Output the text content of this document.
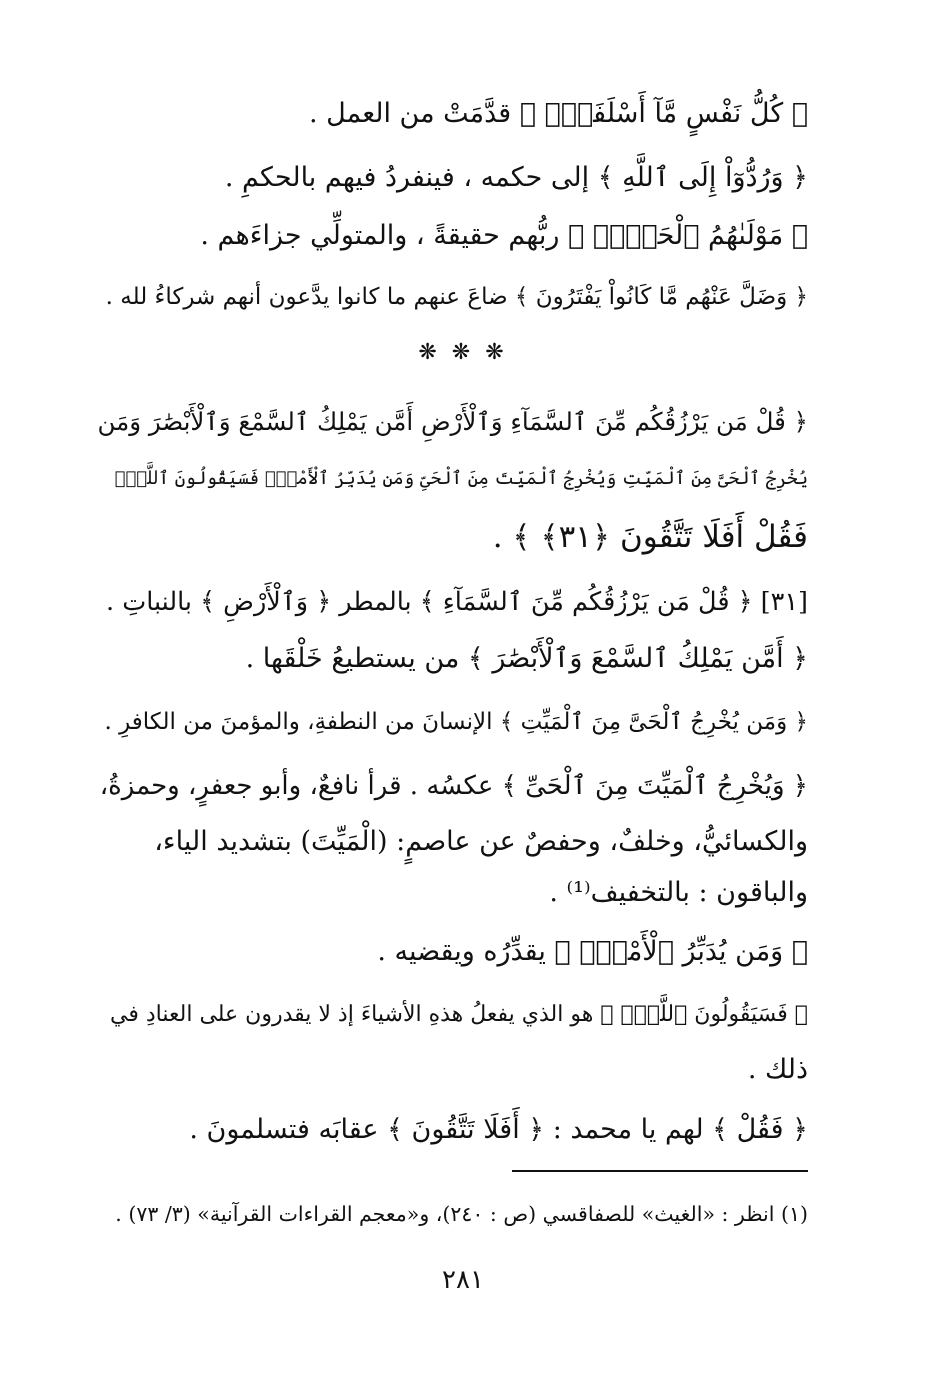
﴿ كُلُّ نَفْسٍ مَّآ أَسْلَفَتْۚ ﴾ قدَّمَتْ من العمل .
﴿ وَرُدُّوٓاْ إِلَى ٱللَّهِ ﴾ إلى حكمه ، فينفردُ فيهم بالحكمِ .
﴿ مَوْلَىٰهُمُ ٱلْحَقِّۖ ﴾ ربُّهم حقيقةً ، والمتولِّي جزاءَهم .
﴿ وَضَلَّ عَنْهُم مَّا كَانُواْ يَفْتَرُونَ ﴾ ضاعَ عنهم ما كانوا يدَّعون أنهم شركاءُ لله .
❋ ❋ ❋
﴿ قُلْ مَن يَرْزُقُكُم مِّنَ ٱلسَّمَآءِ وَٱلْأَرْضِ أَمَّن يَمْلِكُ ٱلسَّمْعَ وَٱلْأَبْصَٰرَ وَمَن
يُخْرِجُ ٱلْحَىَّ مِنَ ٱلْمَيِّتِ وَيُخْرِجُ ٱلْمَيِّتَ مِنَ ٱلْحَىِّ وَمَن يُدَبِّرُ ٱلْأَمْرَۚ فَسَيَقُولُونَ ٱللَّهُۚ
فَقُلْ أَفَلَا تَتَّقُونَ ﴿٣١﴾ ﴾ .
[٣١] ﴿ قُلْ مَن يَرْزُقُكُم مِّنَ ٱلسَّمَآءِ ﴾ بالمطر ﴿ وَٱلْأَرْضِ ﴾ بالنباتِ .
﴿ أَمَّن يَمْلِكُ ٱلسَّمْعَ وَٱلْأَبْصَٰرَ ﴾ من يستطيعُ خَلْقَها .
﴿ وَمَن يُخْرِجُ ٱلْحَىَّ مِنَ ٱلْمَيِّتِ ﴾ الإنسانَ من النطفةِ، والمؤمنَ من الكافرِ .
﴿ وَيُخْرِجُ ٱلْمَيِّتَ مِنَ ٱلْحَىِّ ﴾ عكسُه . قرأ نافعٌ، وأبو جعفرٍ، وحمزةُ،
والكسائيُّ، وخلفٌ، وحفصٌ عن عاصمٍ: (الْمَيِّتَ) بتشديد الياء،
والباقون : بالتخفيف⁽¹⁾ .
﴿ وَمَن يُدَبِّرُ ٱلْأَمْرَۚ ﴾ يقدِّرُه ويقضيه .
﴿ فَسَيَقُولُونَ ٱللَّهُۚ ﴾ هو الذي يفعلُ هذهِ الأشياءَ إذ لا يقدرون على العنادِ في
ذلك .
﴿ فَقُلْ ﴾ لهم يا محمد : ﴿ أَفَلَا تَتَّقُونَ ﴾ عقابَه فتسلمونَ .
(١) انظر : «الغيث» للصفاقسي (ص : ٢٤٠)، و«معجم القراءات القرآنية» (٣/ ٧٣) .
٢٨١
